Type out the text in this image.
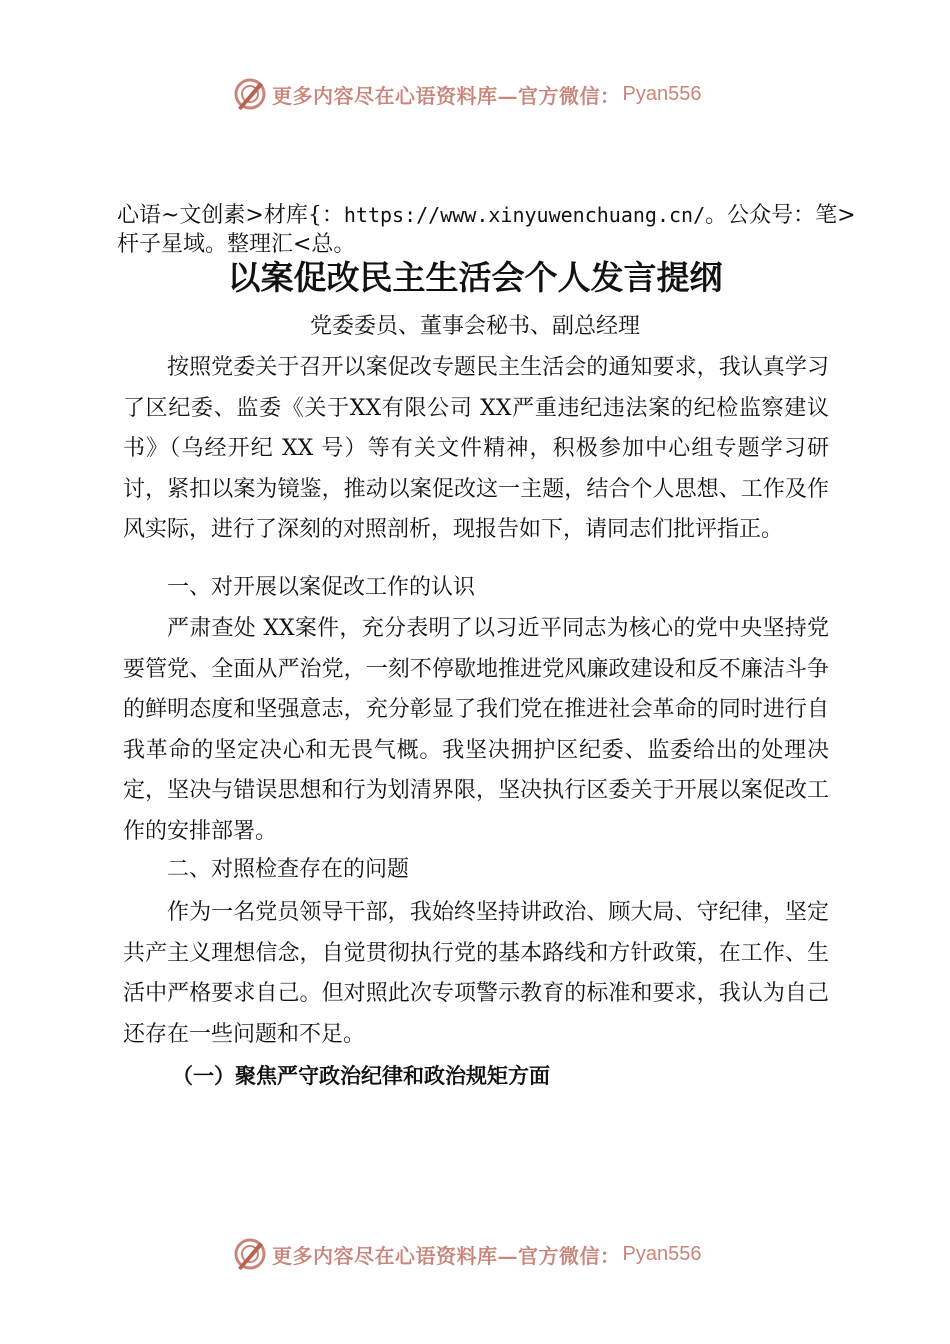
更多内容尽在心语资料库—官方微信： Pyan556
心语~文创素>材库{：https://www.xinyuwenchuang.cn/。公众号：笔>杆子星域。整理汇<总。
以案促改民主生活会个人发言提纲
党委委员、董事会秘书、副总经理
按照党委关于召开以案促改专题民主生活会的通知要求，我认真学习了区纪委、监委《关于XX有限公司 XX严重违纪违法案的纪检监察建议书》（乌经开纪 XX 号）等有关文件精神，积极参加中心组专题学习研讨，紧扣以案为镜鉴，推动以案促改这一主题，结合个人思想、工作及作风实际，进行了深刻的对照剖析，现报告如下，请同志们批评指正。
一、对开展以案促改工作的认识
严肃查处 XX案件，充分表明了以习近平同志为核心的党中央坚持党要管党、全面从严治党，一刻不停歇地推进党风廉政建设和反不廉洁斗争的鲜明态度和坚强意志，充分彰显了我们党在推进社会革命的同时进行自我革命的坚定决心和无畏气概。我坚决拥护区纪委、监委给出的处理决定，坚决与错误思想和行为划清界限，坚决执行区委关于开展以案促改工作的安排部署。
二、对照检查存在的问题
作为一名党员领导干部，我始终坚持讲政治、顾大局、守纪律，坚定共产主义理想信念，自觉贯彻执行党的基本路线和方针政策，在工作、生活中严格要求自己。但对照此次专项警示教育的标准和要求，我认为自己还存在一些问题和不足。
（一）聚焦严守政治纪律和政治规矩方面
更多内容尽在心语资料库—官方微信： Pyan556
